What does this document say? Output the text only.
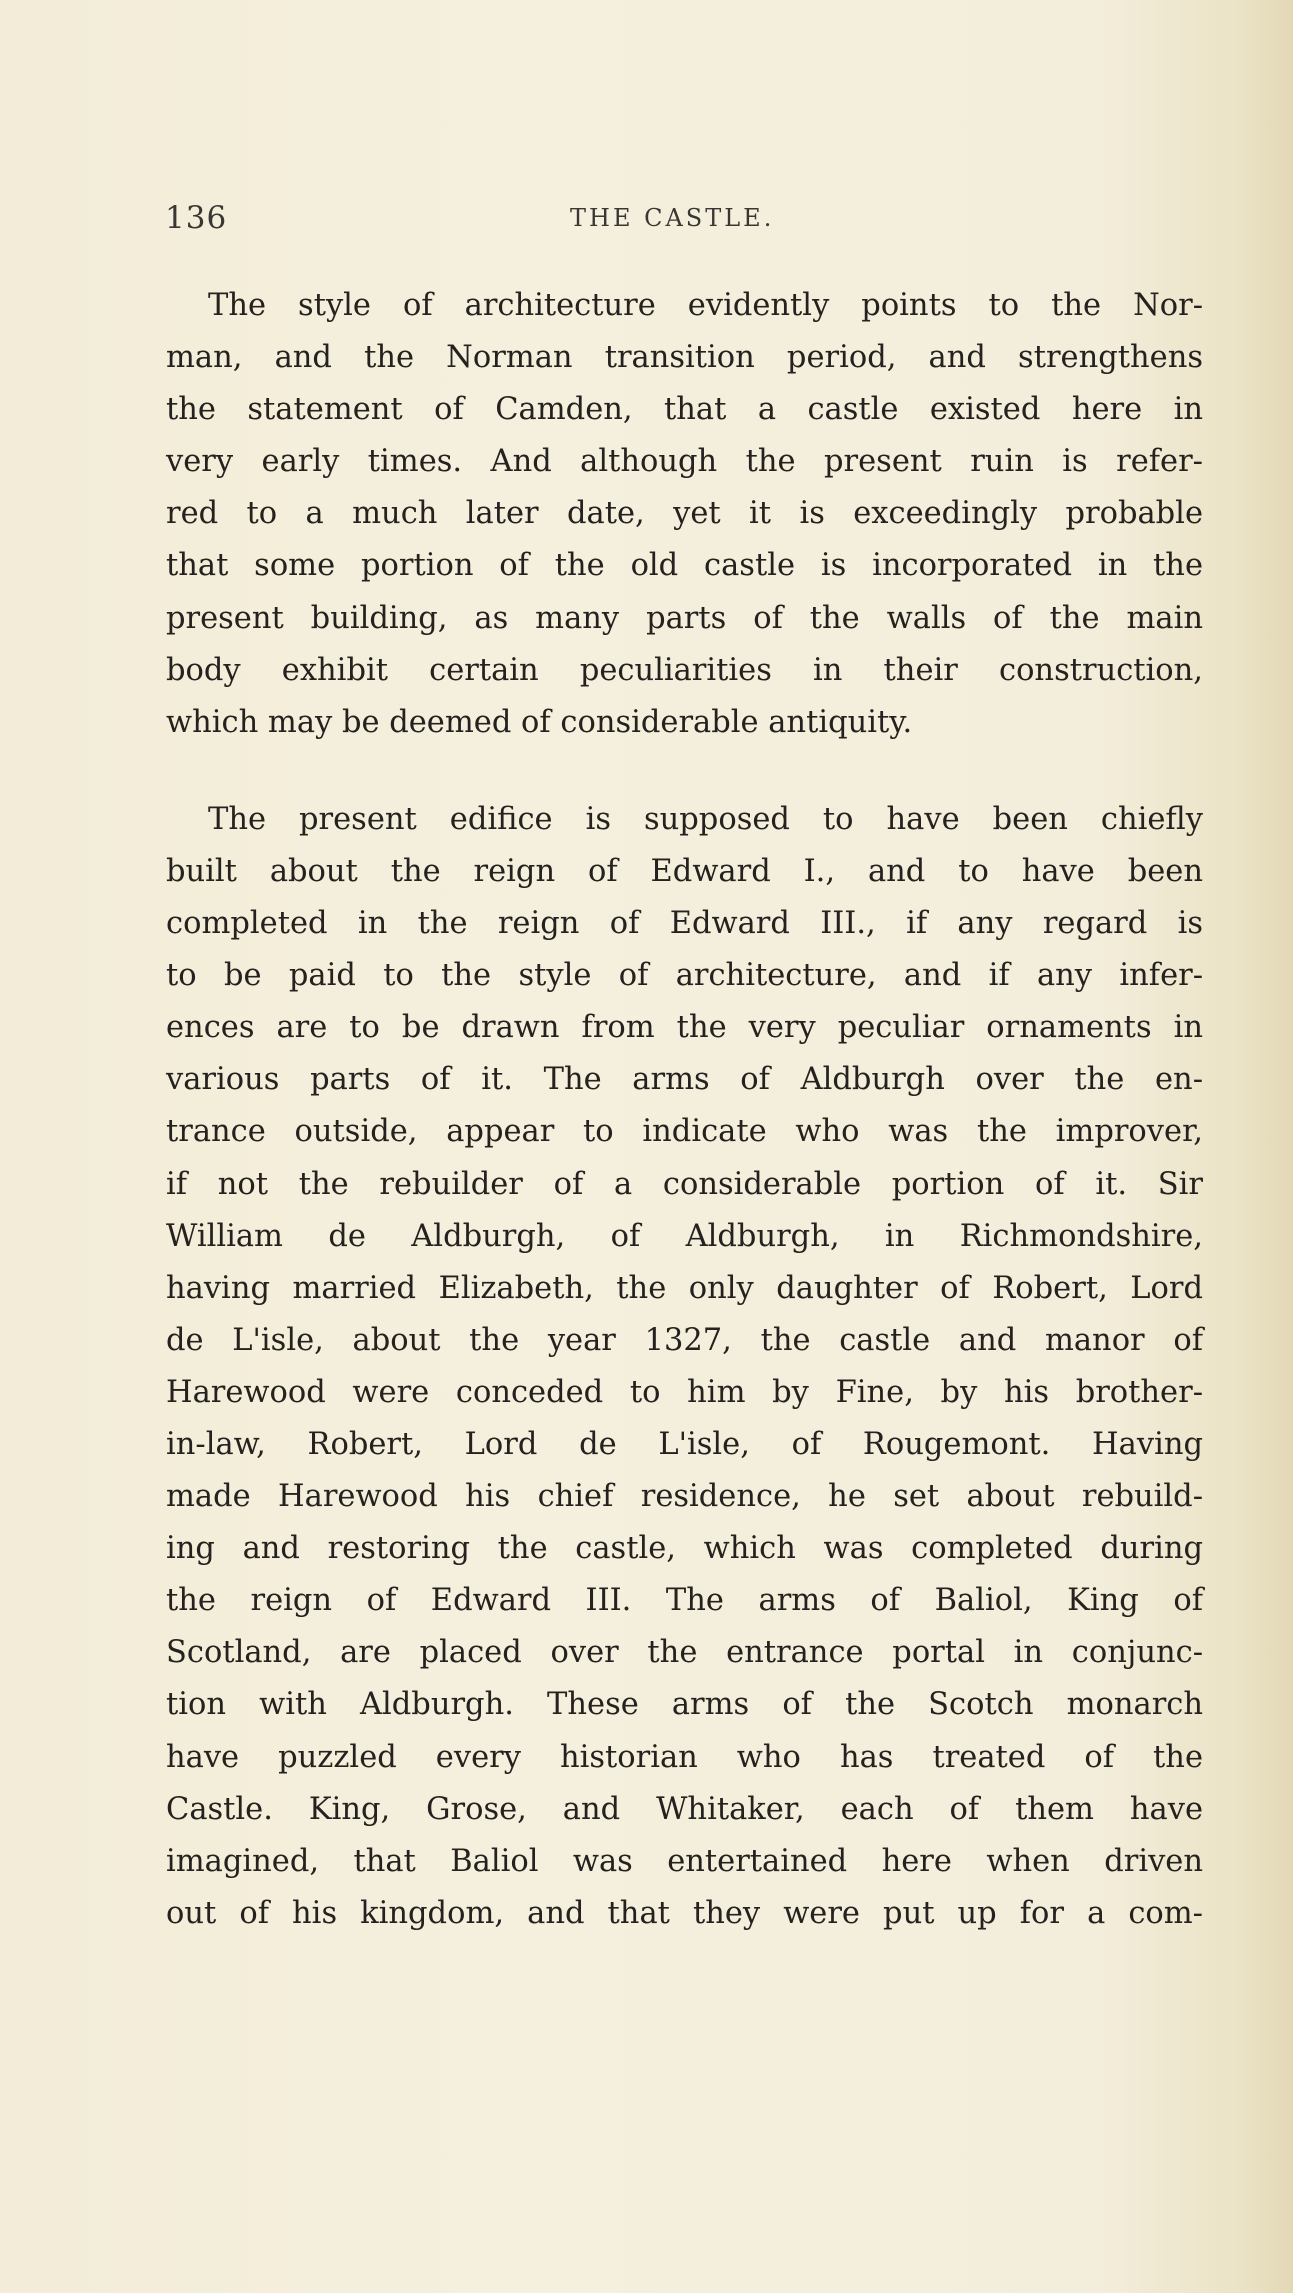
136	THE CASTLE.

The style of architecture evidently points to the Nor-
man, and the Norman transition period, and strengthens
the statement of Camden, that a castle existed here in
very early times. And although the present ruin is refer-
red to a much later date, yet it is exceedingly probable
that some portion of the old castle is incorporated in the
present building, as many parts of the walls of the main
body exhibit certain peculiarities in their construction,
which may be deemed of considerable antiquity.

The present edifice is supposed to have been chiefly
built about the reign of Edward I., and to have been
completed in the reign of Edward III., if any regard is
to be paid to the style of architecture, and if any infer-
ences are to be drawn from the very peculiar ornaments in
various parts of it. The arms of Aldburgh over the en-
trance outside, appear to indicate who was the improver,
if not the rebuilder of a considerable portion of it. Sir
William de Aldburgh, of Aldburgh, in Richmondshire,
having married Elizabeth, the only daughter of Robert, Lord
de L'isle, about the year 1327, the castle and manor of
Harewood were conceded to him by Fine, by his brother-
in-law, Robert, Lord de L'isle, of Rougemont. Having
made Harewood his chief residence, he set about rebuild-
ing and restoring the castle, which was completed during
the reign of Edward III. The arms of Baliol, King of
Scotland, are placed over the entrance portal in conjunc-
tion with Aldburgh. These arms of the Scotch monarch
have puzzled every historian who has treated of the
Castle. King, Grose, and Whitaker, each of them have
imagined, that Baliol was entertained here when driven
out of his kingdom, and that they were put up for a com-
